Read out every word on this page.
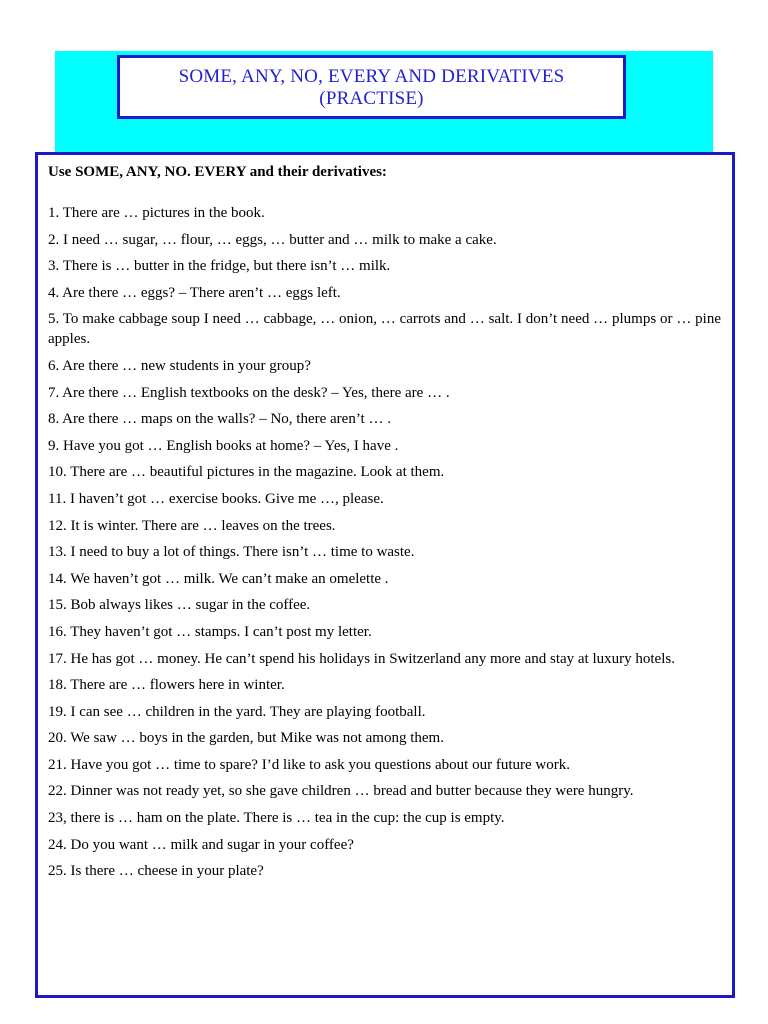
SOME, ANY, NO, EVERY AND DERIVATIVES
(PRACTISE)

Use SOME, ANY, NO. EVERY and their derivatives:

1. There are … pictures in the book.
2. I need … sugar, … flour, … eggs, … butter and … milk to make a cake.
3. There is … butter in the fridge, but there isn’t … milk.
4. Are there … eggs? – There aren’t … eggs left.
5. To make cabbage soup I need … cabbage, … onion, … carrots and … salt. I don’t need … plumps or … pine apples.
6. Are there … new students in your group?
7. Are there … English textbooks on the desk? – Yes, there are … .
8. Are there … maps on the walls? – No, there aren’t … .
9. Have you got … English books at home? – Yes, I have .
10. There are … beautiful pictures in the magazine. Look at them.
11. I haven’t got … exercise books. Give me …, please.
12. It is winter. There are … leaves on the trees.
13. I need to buy a lot of things. There isn’t … time to waste.
14. We haven’t got … milk. We can’t make an omelette .
15. Bob always likes … sugar in the coffee.
16. They haven’t got … stamps. I can’t post my letter.
17. He has got … money. He can’t spend his holidays in Switzerland any more and stay at luxury hotels.
18. There are … flowers here in winter.
19. I can see … children in the yard. They are playing football.
20. We saw … boys in the garden, but Mike was not among them.
21. Have you got … time to spare? I’d like to ask you questions about our future work.
22. Dinner was not ready yet, so she gave children … bread and butter because they were hungry.
23, there is … ham on the plate. There is … tea in the cup: the cup is empty.
24. Do you want … milk and sugar in your coffee?
25. Is there … cheese in your plate?
